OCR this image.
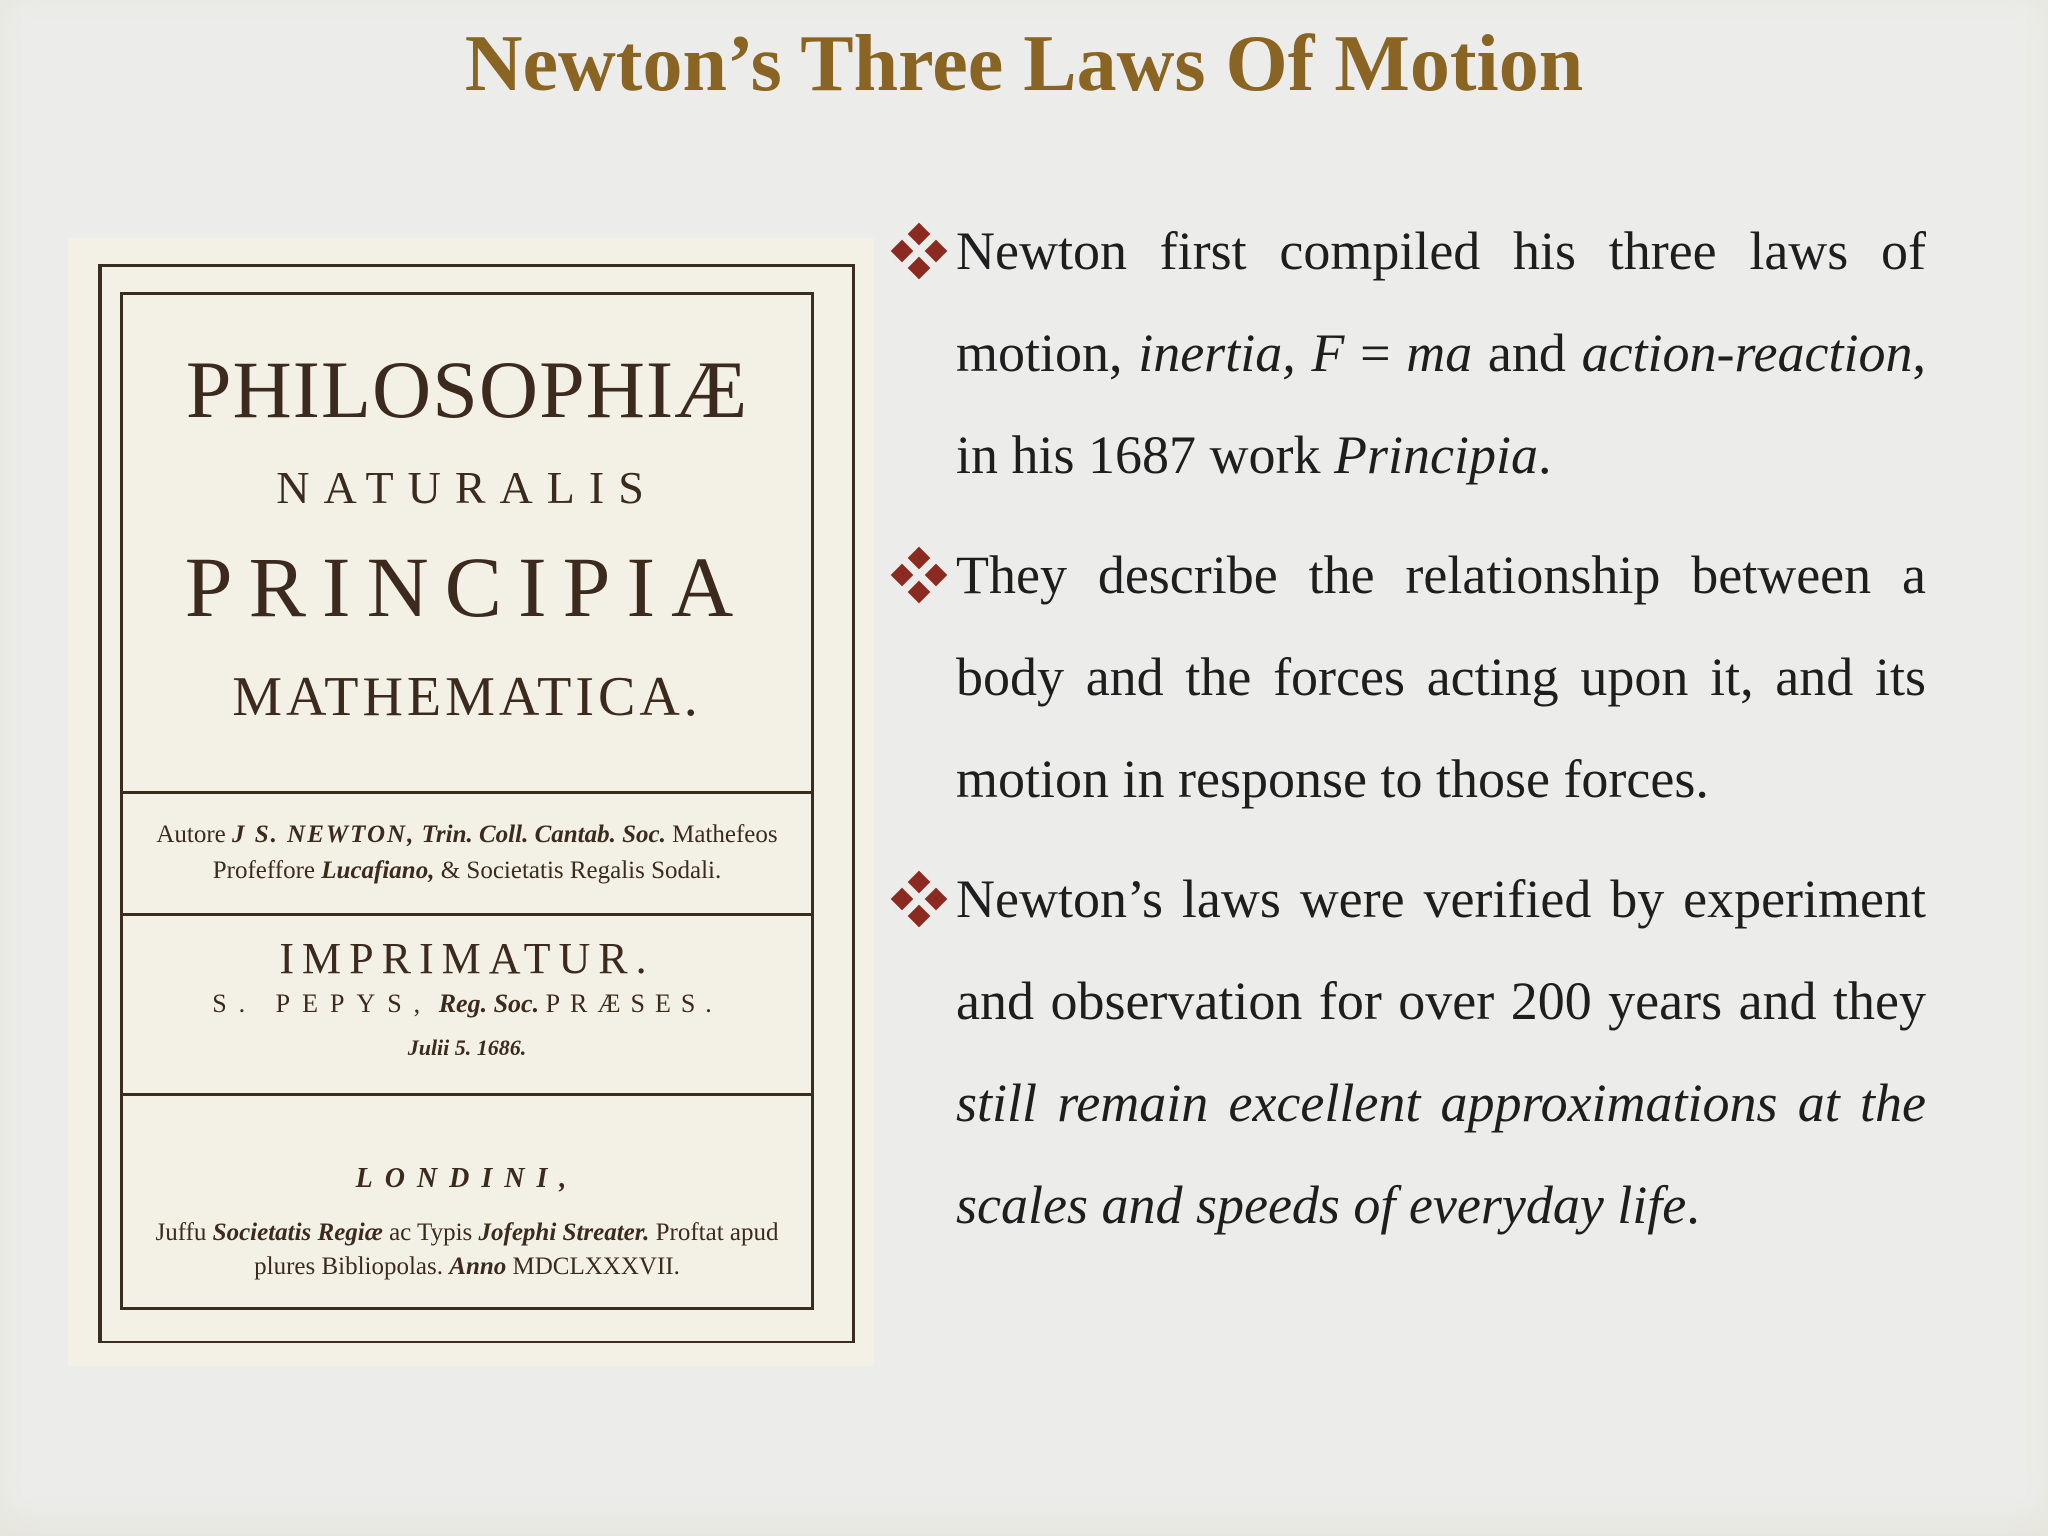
Newton’s Three Laws Of Motion
PHILOSOPHIÆ
NATURALIS
PRINCIPIA
MATHEMATICA.
Autore J S. NEWTON, Trin. Coll. Cantab. Soc. Mathefeos
Profeffore Lucafiano, & Societatis Regalis Sodali.
IMPRIMATUR.
S. PEPYS, Reg. Soc. PRÆSES.
Julii 5. 1686.
LONDINI,
Juffu Societatis Regiæ ac Typis Jofephi Streater. Proftat apud
plures Bibliopolas. Anno MDCLXXXVII.
Newton first compiled his three laws of motion, inertia, F = ma and action-reaction, in his 1687 work Principia.
They describe the relationship between a body and the forces acting upon it, and its motion in response to those forces.
Newton’s laws were verified by experiment and observation for over 200 years and they still remain excellent approximations at the scales and speeds of everyday life.
